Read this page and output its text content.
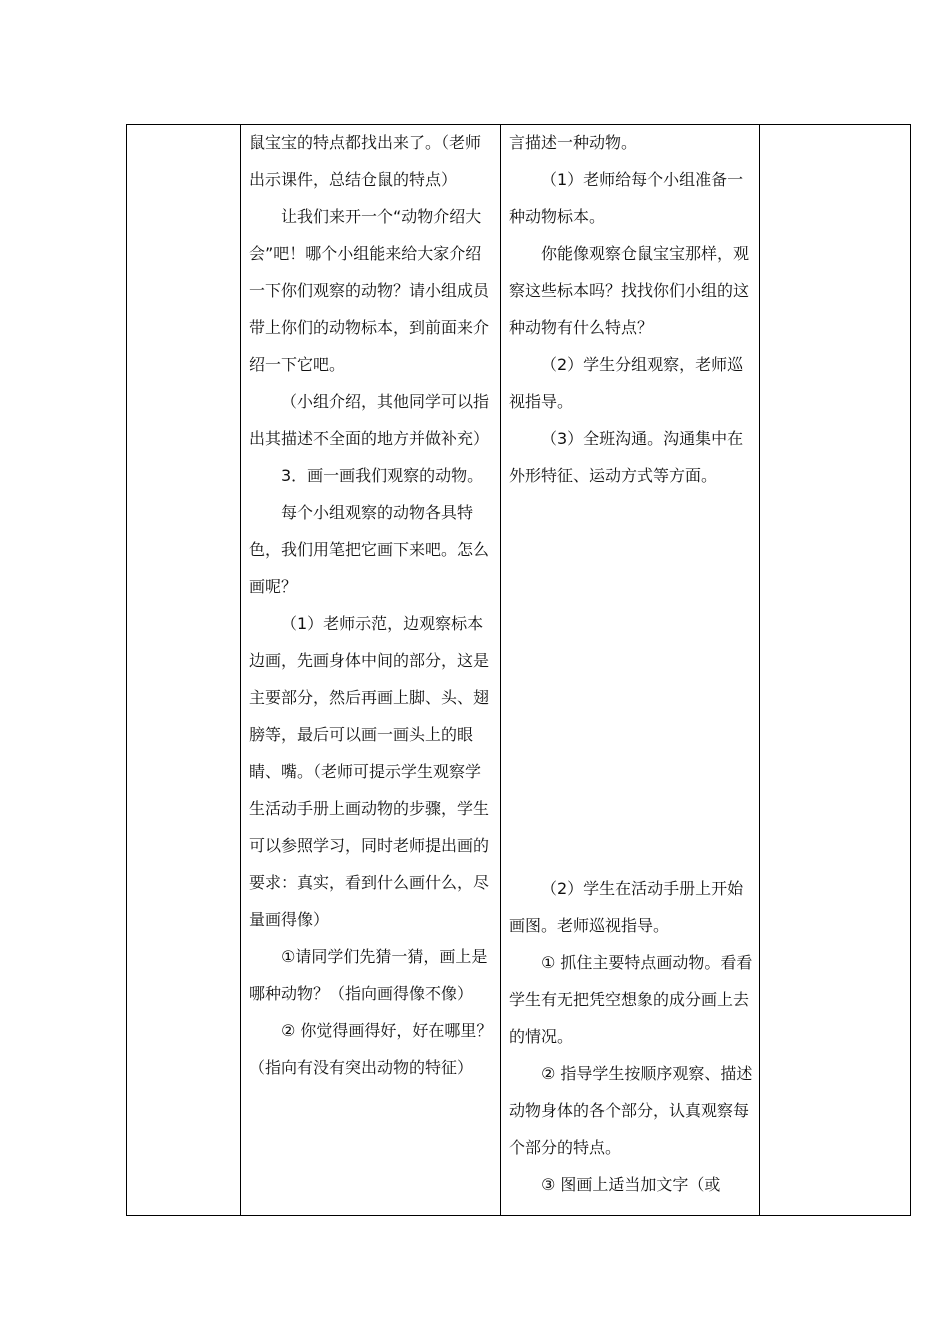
鼠宝宝的特点都找出来了。（老师出示课件，总结仓鼠的特点）

让我们来开一个“动物介绍大会”吧！哪个小组能来给大家介绍一下你们观察的动物？请小组成员带上你们的动物标本，到前面来介绍一下它吧。

（小组介绍，其他同学可以指出其描述不全面的地方并做补充）

3．画一画我们观察的动物。

每个小组观察的动物各具特色，我们用笔把它画下来吧。怎么画呢？

（1）老师示范，边观察标本边画，先画身体中间的部分，这是主要部分，然后再画上脚、头、翅膀等，最后可以画一画头上的眼睛、嘴。（老师可提示学生观察学生活动手册上画动物的步骤，学生可以参照学习，同时老师提出画的要求：真实，看到什么画什么，尽量画得像）

①请同学们先猜一猜，画上是哪种动物？（指向画得像不像）

② 你觉得画得好，好在哪里？（指向有没有突出动物的特征）

言描述一种动物。

（1）老师给每个小组准备一种动物标本。

你能像观察仓鼠宝宝那样，观察这些标本吗？找找你们小组的这种动物有什么特点？

（2）学生分组观察，老师巡视指导。

（3）全班沟通。沟通集中在外形特征、运动方式等方面。

（2）学生在活动手册上开始画图。老师巡视指导。

① 抓住主要特点画动物。看看学生有无把凭空想象的成分画上去的情况。

② 指导学生按顺序观察、描述动物身体的各个部分，认真观察每个部分的特点。

③ 图画上适当加文字（或
